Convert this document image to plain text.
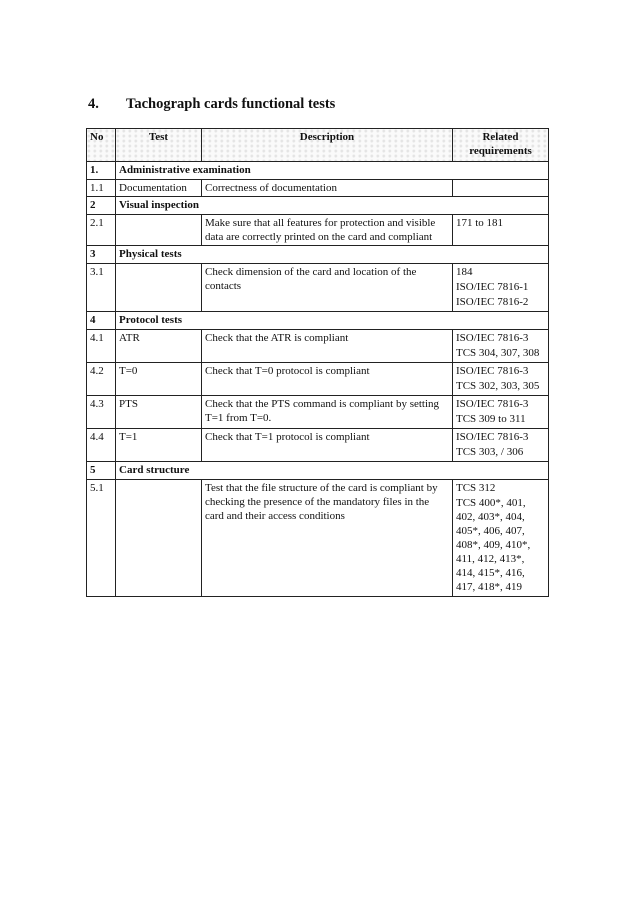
4. Tachograph cards functional tests
No	Test	Description	Related requirements
1.	Administrative examination		
1.1	Documentation	Correctness of documentation	
2	Visual inspection		
2.1		Make sure that all features for protection and visible data are correctly printed on the card and compliant	171 to 181

3	Physical tests		
3.1		Check dimension of the card and location of the contacts	184
ISO/IEC 7816-1
ISO/IEC 7816-2

4	Protocol tests		
4.1	ATR	Check that the ATR is compliant	ISO/IEC 7816-3
TCS 304, 307, 308

4.2	T=0	Check that T=0 protocol is compliant	ISO/IEC 7816-3
TCS 302, 303, 305

4.3	PTS	Check that the PTS command is compliant by setting T=1 from T=0.	ISO/IEC 7816-3
TCS 309 to 311

4.4	T=1	Check that T=1 protocol is compliant	ISO/IEC 7816-3
TCS 303, / 306

5	Card structure		
5.1		Test that the file structure of the card is compliant by checking the presence of the mandatory files in the card and their access conditions	TCS 312
TCS 400*, 401, 402, 403*, 404, 405*, 406, 407, 408*, 409, 410*, 411, 412, 413*, 414, 415*, 416, 417, 418*, 419
